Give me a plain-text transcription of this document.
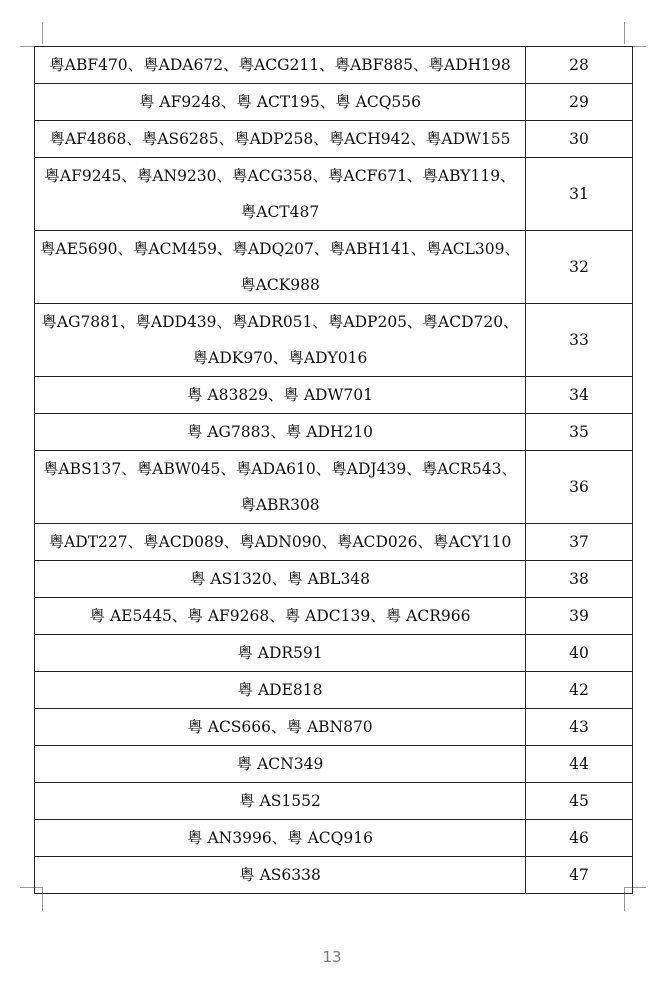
粤ABF470、粤ADA672、粤ACG211、粤ABF885、粤ADH198	28

粤 AF9248、粤 ACT195、粤 ACQ556	29

粤AF4868、粤AS6285、粤ADP258、粤ACH942、粤ADW155	30

粤AF9245、粤AN9230、粤ACG358、粤ACF671、粤ABY119、
粤ACT487	31

粤AE5690、粤ACM459、粤ADQ207、粤ABH141、粤ACL309、
粤ACK988	32

粤AG7881、粤ADD439、粤ADR051、粤ADP205、粤ACD720、
粤ADK970、粤ADY016	33

粤 A83829、粤 ADW701	34

粤 AG7883、粤 ADH210	35

粤ABS137、粤ABW045、粤ADA610、粤ADJ439、粤ACR543、
粤ABR308	36

粤ADT227、粤ACD089、粤ADN090、粤ACD026、粤ACY110	37

粤 AS1320、粤 ABL348	38

粤 AE5445、粤 AF9268、粤 ADC139、粤 ACR966	39

粤 ADR591	40

粤 ADE818	42

粤 ACS666、粤 ABN870	43

粤 ACN349	44

粤 AS1552	45

粤 AN3996、粤 ACQ916	46

粤 AS6338	47
13
